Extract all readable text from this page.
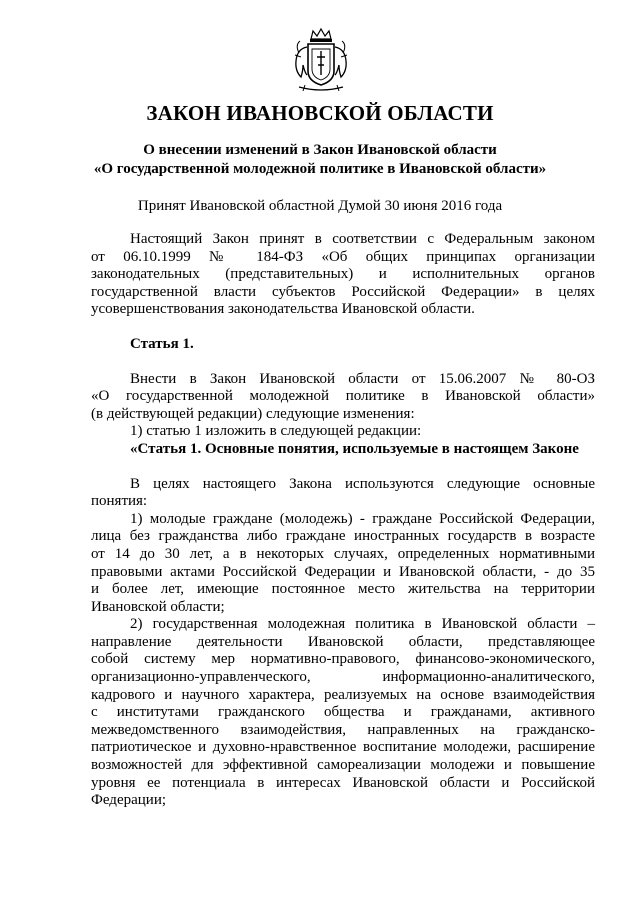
ЗАКОН ИВАНОВСКОЙ ОБЛАСТИ
О внесении изменений в Закон Ивановской области
«О государственной молодежной политике в Ивановской области»
Принят Ивановской областной Думой 30 июня 2016 года

Настоящий Закон принят в соответствии с Федеральным законом

от 06.10.1999 № 184-ФЗ «Об общих принципах организации

законодательных (представительных) и исполнительных органов

государственной власти субъектов Российской Федерации» в целях

усовершенствования законодательства Ивановской области.

Статья 1.

Внести в Закон Ивановской области от 15.06.2007 № 80-ОЗ

«О государственной молодежной политике в Ивановской области»

(в действующей редакции) следующие изменения:

1) статью 1 изложить в следующей редакции:

«Статья 1. Основные понятия, используемые в настоящем Законе

В целях настоящего Закона используются следующие основные

понятия:

1) молодые граждане (молодежь) - граждане Российской Федерации,

лица без гражданства либо граждане иностранных государств в возрасте

от 14 до 30 лет, а в некоторых случаях, определенных нормативными

правовыми актами Российской Федерации и Ивановской области, - до 35

и более лет, имеющие постоянное место жительства на территории

Ивановской области;

2) государственная молодежная политика в Ивановской области –

направление деятельности Ивановской области, представляющее

собой систему мер нормативно-правового, финансово-экономического,

организационно-управленческого, информационно-аналитического,

кадрового и научного характера, реализуемых на основе взаимодействия

с институтами гражданского общества и гражданами, активного

межведомственного взаимодействия, направленных на гражданско-

патриотическое и духовно-нравственное воспитание молодежи, расширение

возможностей для эффективной самореализации молодежи и повышение

уровня ее потенциала в интересах Ивановской области и Российской

Федерации;
